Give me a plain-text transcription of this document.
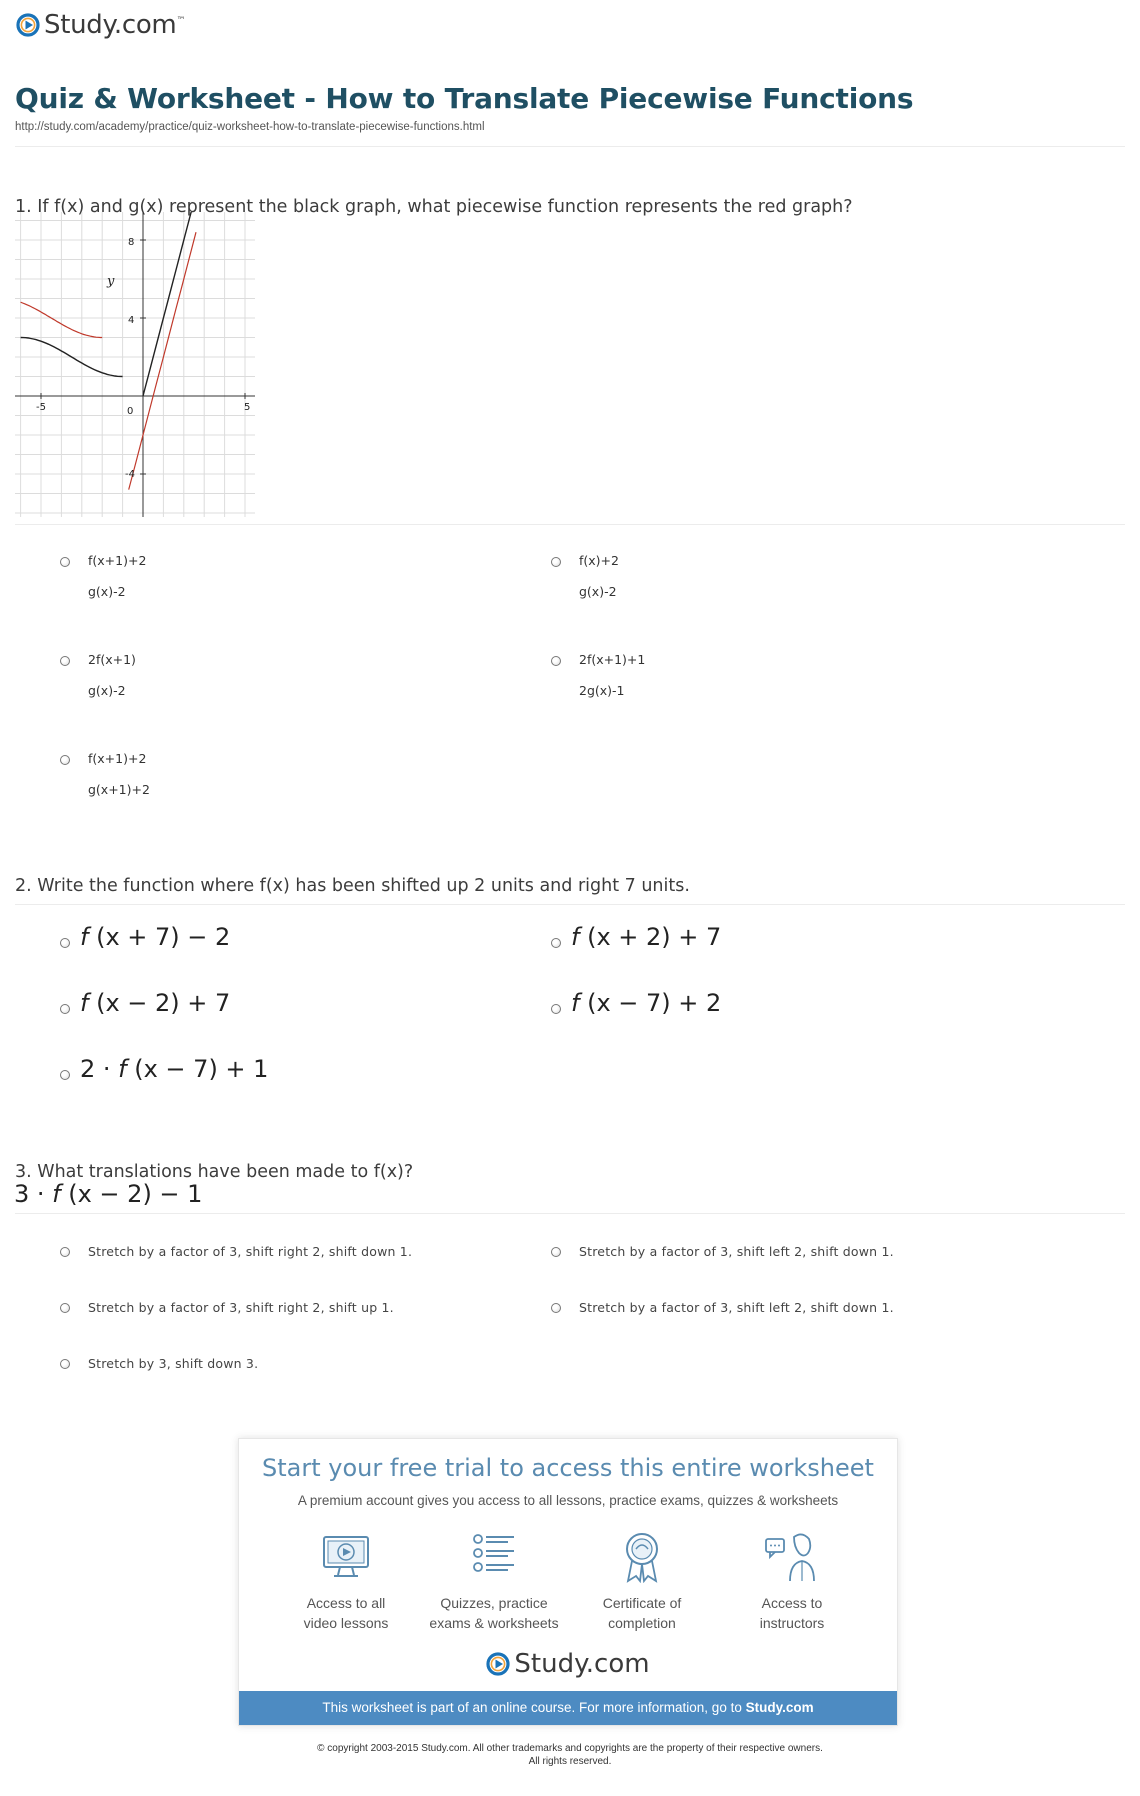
Study.com™
Quiz & Worksheet - How to Translate Piecewise Functions
http://study.com/academy/practice/quiz-worksheet-how-to-translate-piecewise-functions.html
1. If f(x) and g(x) represent the black graph, what piecewise function represents the red graph?
y
0
-5	5
8
4
-4
f(x+1)+2
g(x)-2
f(x)+2
g(x)-2
2f(x+1)
g(x)-2
2f(x+1)+1
2g(x)-1
f(x+1)+2
g(x+1)+2
2. Write the function where f(x) has been shifted up 2 units and right 7 units.
f (x + 7) − 2	f (x + 2) + 7
f (x − 2) + 7	f (x − 7) + 2
2 · f (x − 7) + 1
3. What translations have been made to f(x)?
3 · f (x − 2) − 1
Stretch by a factor of 3, shift right 2, shift down 1.	Stretch by a factor of 3, shift left 2, shift down 1.
Stretch by a factor of 3, shift right 2, shift up 1.	Stretch by a factor of 3, shift left 2, shift down 1.
Stretch by 3, shift down 3.
Start your free trial to access this entire worksheet
A premium account gives you access to all lessons, practice exams, quizzes & worksheets
Access to all
video lessons
Quizzes, practice
exams & worksheets
Certificate of
completion
Access to
instructors
Study.com
This worksheet is part of an online course. For more information, go to Study.com
© copyright 2003-2015 Study.com. All other trademarks and copyrights are the property of their respective owners.
All rights reserved.
